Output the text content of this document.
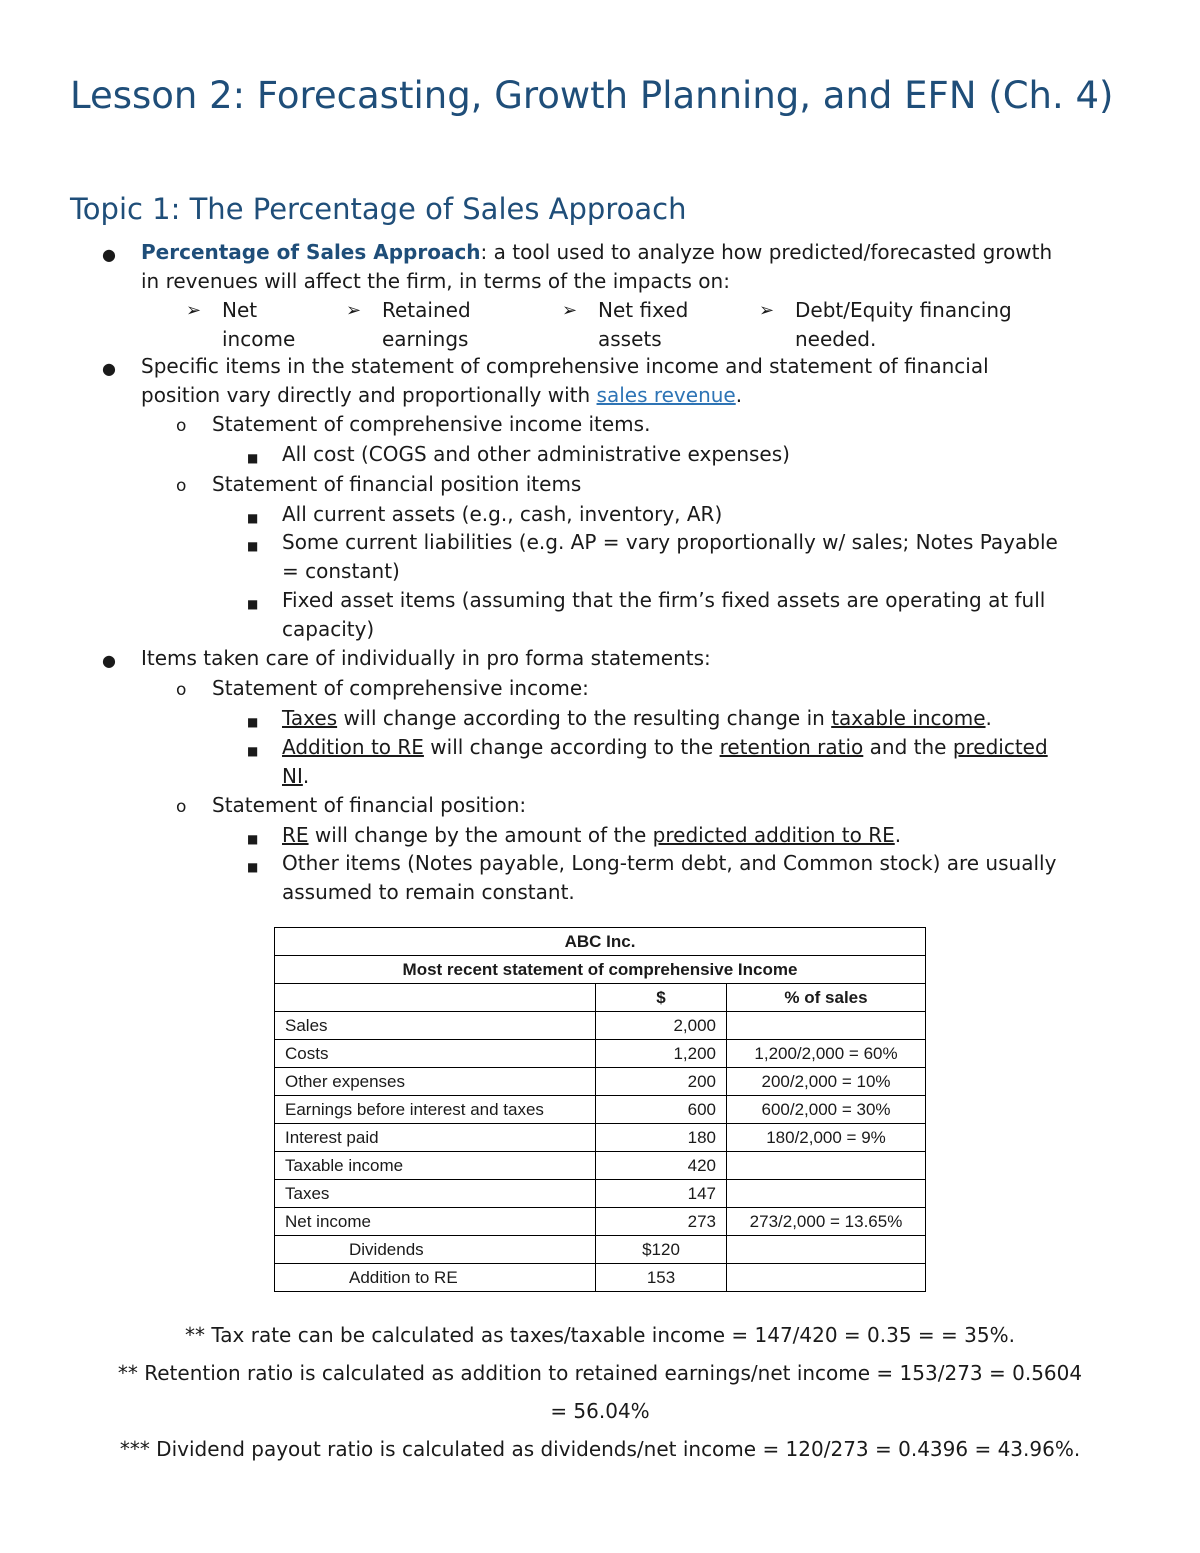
Lesson 2: Forecasting, Growth Planning, and EFN (Ch. 4)
Topic 1: The Percentage of Sales Approach
● Percentage of Sales Approach: a tool used to analyze how predicted/forecasted growth
in revenues will affect the firm, in terms of the impacts on:
➢ Net
income
➢ Retained
earnings
➢ Net fixed
assets
➢ Debt/Equity financing
needed.
● Specific items in the statement of comprehensive income and statement of financial
position vary directly and proportionally with sales revenue.
o Statement of comprehensive income items.
■ All cost (COGS and other administrative expenses)
o Statement of financial position items
■ All current assets (e.g., cash, inventory, AR)
■ Some current liabilities (e.g. AP = vary proportionally w/ sales; Notes Payable
= constant)
■ Fixed asset items (assuming that the firm’s fixed assets are operating at full
capacity)
● Items taken care of individually in pro forma statements:
o Statement of comprehensive income:
■ Taxes will change according to the resulting change in taxable income.
■ Addition to RE will change according to the retention ratio and the predicted
NI.
o Statement of financial position:
■ RE will change by the amount of the predicted addition to RE.
■ Other items (Notes payable, Long-term debt, and Common stock) are usually
assumed to remain constant.
ABC Inc.		
Most recent statement of comprehensive Income		
	$	% of sales
Sales	2,000	
Costs	1,200	1,200/2,000 = 60%
Other expenses	200	200/2,000 = 10%
Earnings before interest and taxes	600	600/2,000 = 30%
Interest paid	180	180/2,000 = 9%
Taxable income	420	
Taxes	147	
Net income	273	273/2,000 = 13.65%
Dividends	$120	
Addition to RE	153	
** Tax rate can be calculated as taxes/taxable income = 147/420 = 0.35 = = 35%.
** Retention ratio is calculated as addition to retained earnings/net income = 153/273 = 0.5604
= 56.04%
*** Dividend payout ratio is calculated as dividends/net income = 120/273 = 0.4396 = 43.96%.
